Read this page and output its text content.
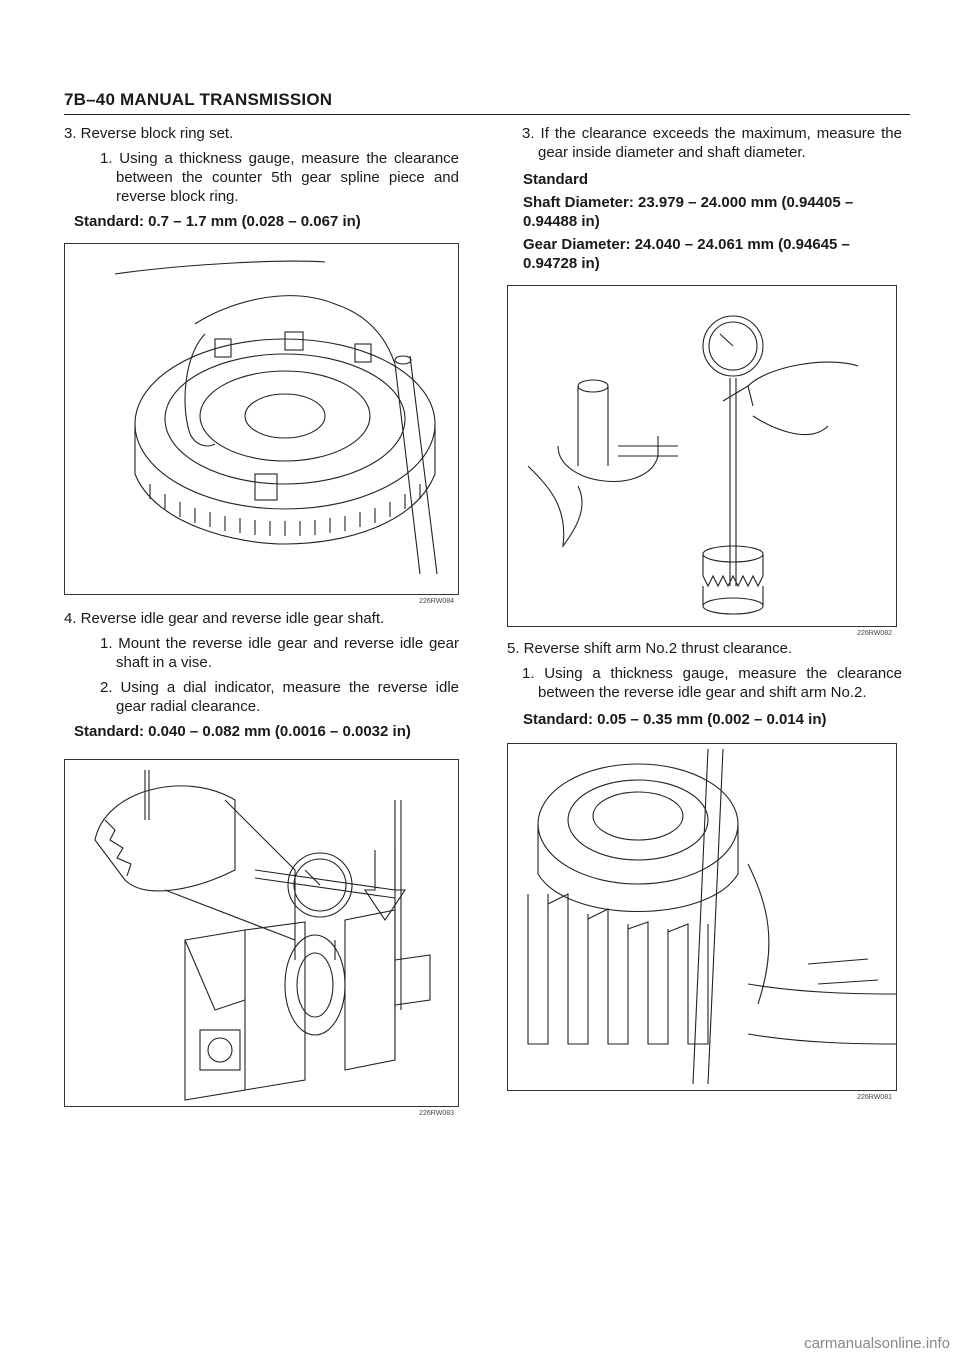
7B–40 MANUAL TRANSMISSION

3. Reverse block ring set.

1. Using a thickness gauge, measure the clearance between the counter 5th gear spline piece and reverse block ring.

Standard: 0.7 – 1.7 mm (0.028 – 0.067 in)

226RW084

4. Reverse idle gear and reverse idle gear shaft.

1. Mount the reverse idle gear and reverse idle gear shaft in a vise.

2. Using a dial indicator, measure the reverse idle gear radial clearance.

Standard: 0.040 – 0.082 mm (0.0016 – 0.0032 in)

226RW083

3. If the clearance exceeds the maximum, measure the gear inside diameter and shaft diameter.

Standard

Shaft Diameter: 23.979 – 24.000 mm (0.94405 – 0.94488 in)

Gear Diameter: 24.040 – 24.061 mm (0.94645 – 0.94728 in)

226RW082

5. Reverse shift arm No.2 thrust clearance.

1. Using a thickness gauge, measure the clearance between the reverse idle gear and shift arm No.2.

Standard: 0.05 – 0.35 mm (0.002 – 0.014 in)

226RW081
carmanualsonline.info
